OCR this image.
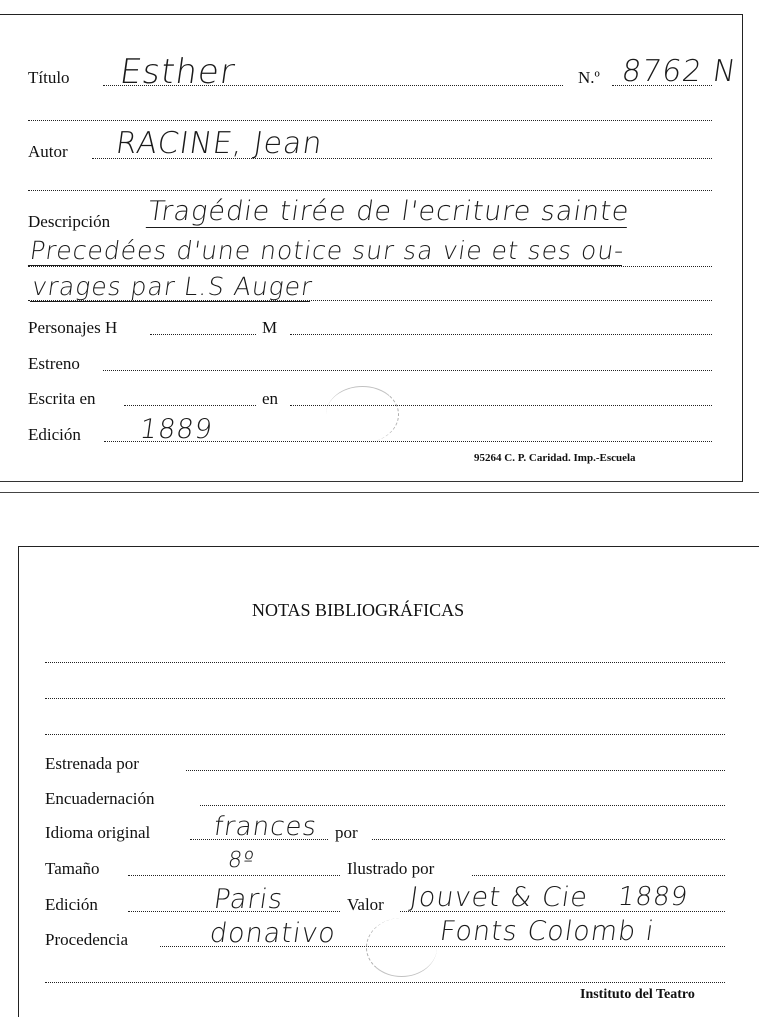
Título Esther	N.º 8762 N
Autor RACINE, Jean
Descripción Tragédie tirée de l'ecriture sainte
Precedées d'une notice sur sa vie et ses ou-
vrages par L.S Auger
Personajes H	M
Estreno
Escrita en	en
Edición 1889
95264 C. P. Caridad. Imp.-Escuela
NOTAS BIBLIOGRÁFICAS
Estrenada por
Encuadernación
Idioma original frances por
Tamaño	8º	Ilustrado por
Edición	Paris	Valor Jouvet & Cie 1889
Procedencia	donativo	Fonts Colomb i
Instituto del Teatro
